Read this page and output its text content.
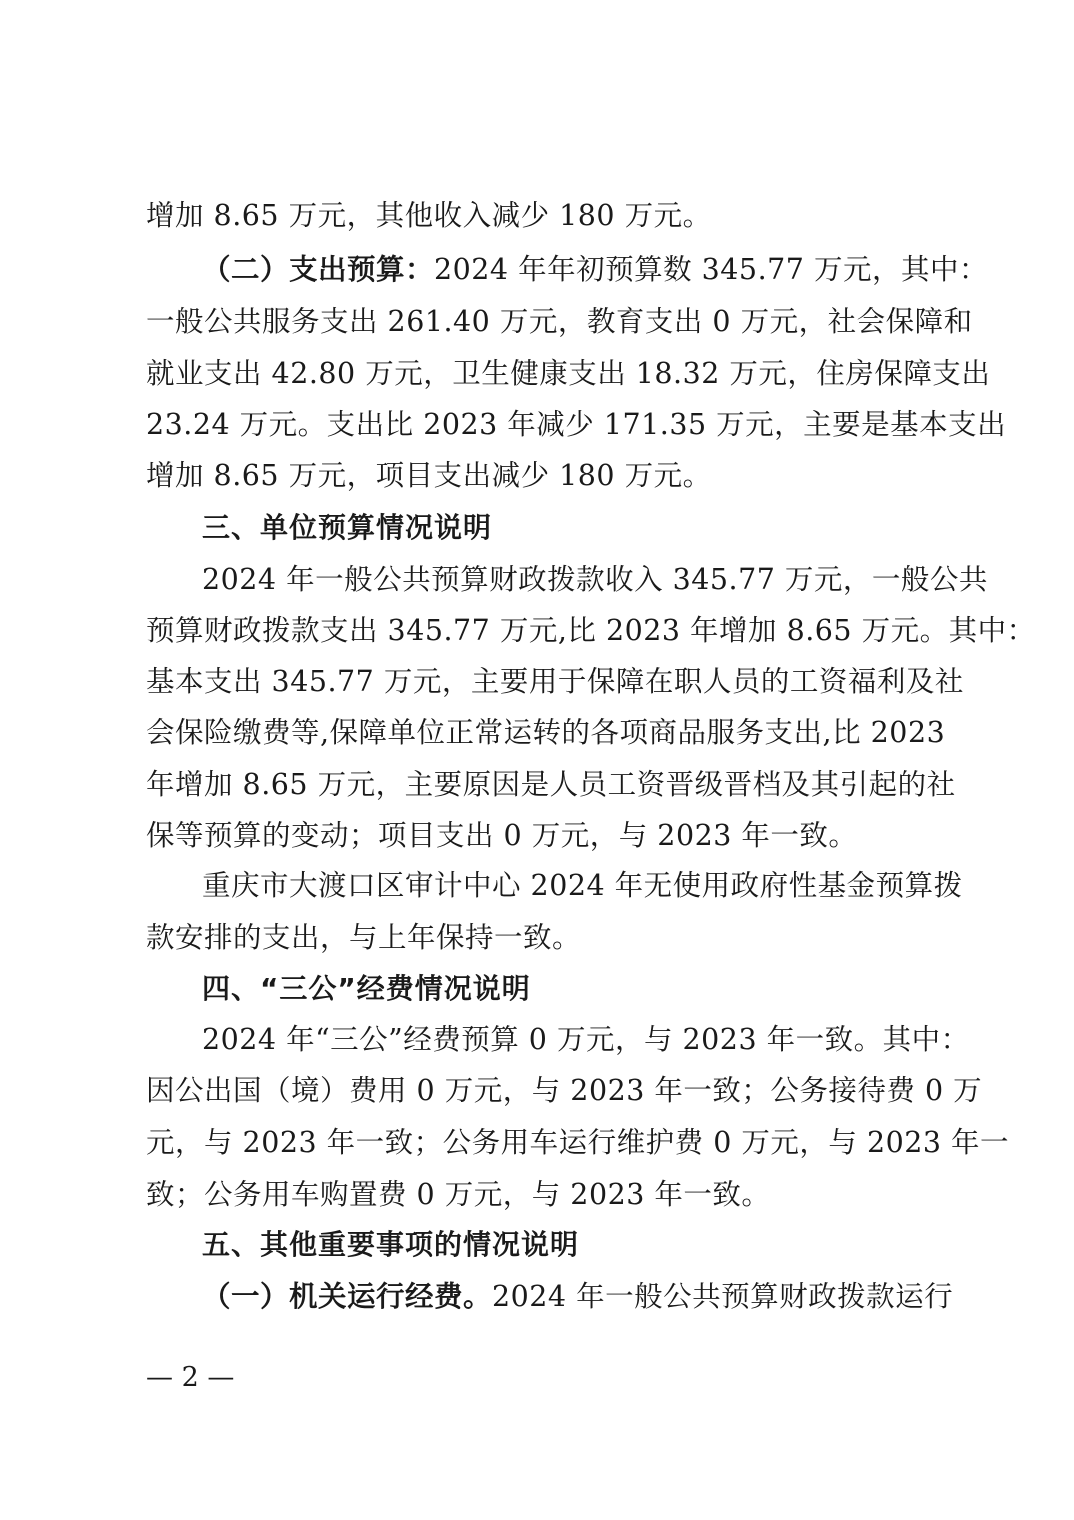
增加 8.65 万元，其他收入减少 180 万元。
（二）支出预算：2024 年年初预算数 345.77 万元，其中：
一般公共服务支出 261.40 万元，教育支出 0 万元，社会保障和
就业支出 42.80 万元，卫生健康支出 18.32 万元，住房保障支出
23.24 万元。支出比 2023 年减少 171.35 万元，主要是基本支出
增加 8.65 万元，项目支出减少 180 万元。
三、单位预算情况说明
2024 年一般公共预算财政拨款收入 345.77 万元，一般公共
预算财政拨款支出 345.77 万元,比 2023 年增加 8.65 万元。其中：
基本支出 345.77 万元，主要用于保障在职人员的工资福利及社
会保险缴费等,保障单位正常运转的各项商品服务支出,比 2023
年增加 8.65 万元，主要原因是人员工资晋级晋档及其引起的社
保等预算的变动；项目支出 0 万元，与 2023 年一致。
重庆市大渡口区审计中心 2024 年无使用政府性基金预算拨
款安排的支出，与上年保持一致。
四、“三公”经费情况说明
2024 年“三公”经费预算 0 万元，与 2023 年一致。其中：
因公出国（境）费用 0 万元，与 2023 年一致；公务接待费 0 万
元，与 2023 年一致；公务用车运行维护费 0 万元，与 2023 年一
致；公务用车购置费 0 万元，与 2023 年一致。
五、其他重要事项的情况说明
（一）机关运行经费。2024 年一般公共预算财政拨款运行
— 2 —
